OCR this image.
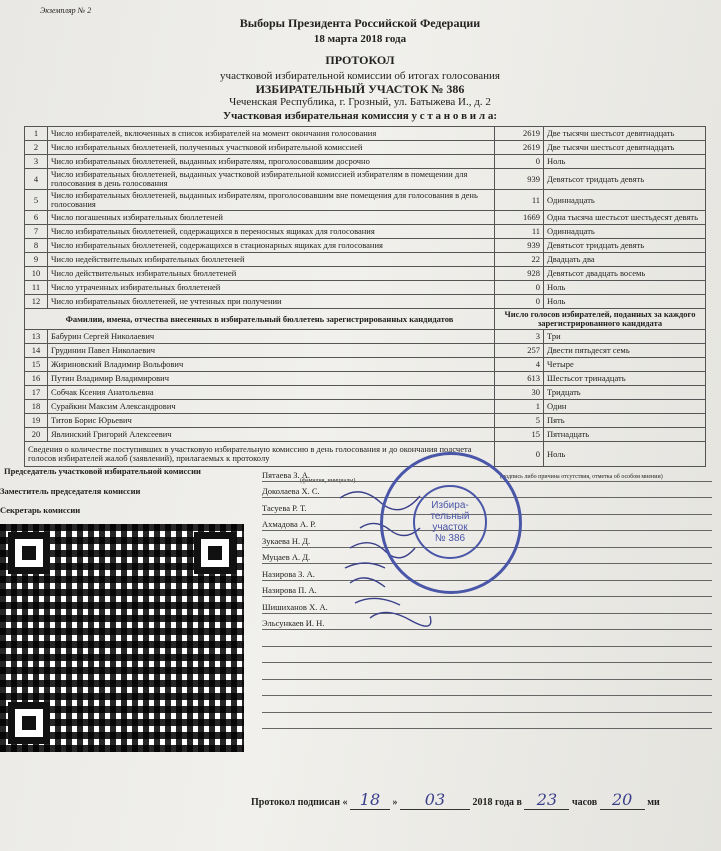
Экземпляр № 2
Выборы Президента Российской Федерации
18 марта 2018 года
ПРОТОКОЛ
участковой избирательной комиссии об итогах голосования
ИЗБИРАТЕЛЬНЫЙ УЧАСТОК № 386
Чеченская Республика, г. Грозный, ул. Батыжева И., д. 2
Участковая избирательная комиссия у с т а н о в и л а:
1	Число избирателей, включенных в список избирателей на момент окончания голосования	2619	Две тысячи шестьсот девятнадцать
2	Число избирательных бюллетеней, полученных участковой избирательной комиссией	2619	Две тысячи шестьсот девятнадцать
3	Число избирательных бюллетеней, выданных избирателям, проголосовавшим досрочно	0	Ноль
4	Число избирательных бюллетеней, выданных участковой избирательной комиссией избирателям в помещении для голосования в день голосования	939	Девятьсот тридцать девять
5	Число избирательных бюллетеней, выданных избирателям, проголосовавшим вне помещения для голосования в день голосования	11	Одиннадцать
6	Число погашенных избирательных бюллетеней	1669	Одна тысяча шестьсот шестьдесят девять
7	Число избирательных бюллетеней, содержащихся в переносных ящиках для голосования	11	Одиннадцать
8	Число избирательных бюллетеней, содержащихся в стационарных ящиках для голосования	939	Девятьсот тридцать девять
9	Число недействительных избирательных бюллетеней	22	Двадцать два
10	Число действительных избирательных бюллетеней	928	Девятьсот двадцать восемь
11	Число утраченных избирательных бюллетеней	0	Ноль
12	Число избирательных бюллетеней, не учтенных при получении	0	Ноль
Фамилии, имена, отчества внесенных в избирательный бюллетень зарегистрированных кандидатов		Число голосов избирателей, поданных за каждого зарегистрированного кандидата	
13	Бабурин Сергей Николаевич	3	Три
14	Грудинин Павел Николаевич	257	Двести пятьдесят семь
15	Жириновский Владимир Вольфович	4	Четыре
16	Путин Владимир Владимирович	613	Шестьсот тринадцать
17	Собчак Ксения Анатольевна	30	Тридцать
18	Сурайкин Максим Александрович	1	Один
19	Титов Борис Юрьевич	5	Пять
20	Явлинский Григорий Алексеевич	15	Пятнадцать
Сведения о количестве поступивших в участковую избирательную комиссию в день голосования и до окончания подсчета голосов избирателей жалоб (заявлений), прилагаемых к протоколу		0	Ноль
Председатель участковой избирательной комиссии
Заместитель председателя комиссии
Секретарь комиссии
(фамилия, инициалы)
(подпись либо причина отсутствия, отметка об особом мнении)
Пятаева З. А.
Доколаева Х. С.
Тасуева Р. Т.
Ахмадова А. Р.
Зукаева Н. Д.
Муцаев А. Д.
Назирова З. А.
Назирова П. А.
Шишиханов Х. А.
Эльсункаев И. Н.
Избира-
тельный
участок
№ 386
Протокол подписан « 18 » 03	2018 года в 23 часов 20 ми
